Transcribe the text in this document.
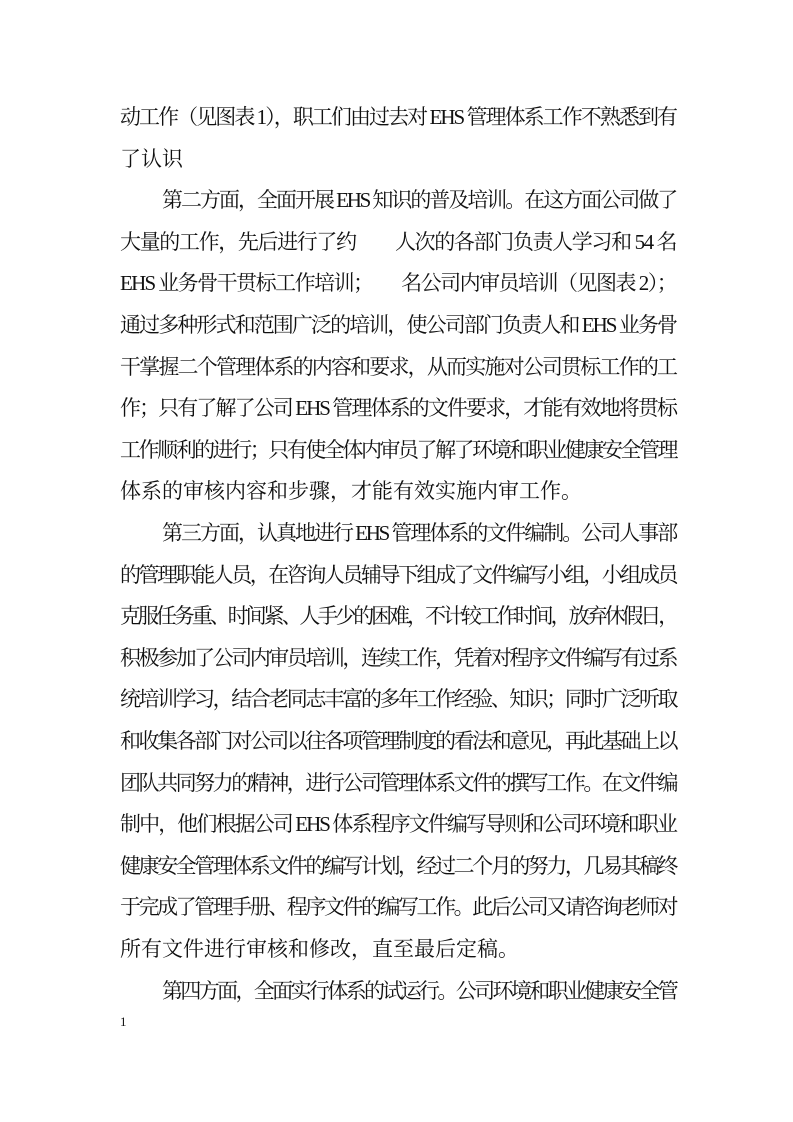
动工作（见图表 1），职工们由过去对 EHS 管理体系工作不熟悉到有
了认识
第二方面，全面开展 EHS 知识的普及培训。在这方面公司做了
大量的工作，先后进行了约　　人次的各部门负责人学习和 54 名
EHS 业务骨干贯标工作培训；　　名公司内审员培训（见图表 2）；
通过多种形式和范围广泛的培训，使公司部门负责人和 EHS 业务骨
干掌握二个管理体系的内容和要求，从而实施对公司贯标工作的工
作；只有了解了公司 EHS 管理体系的文件要求，才能有效地将贯标
工作顺利的进行；只有使全体内审员了解了环境和职业健康安全管理
体系的审核内容和步骤，才能有效实施内审工作。
第三方面，认真地进行 EHS 管理体系的文件编制。公司人事部
的管理职能人员，在咨询人员辅导下组成了文件编写小组，小组成员
克服任务重、时间紧、人手少的困难，不计较工作时间，放弃休假日，
积极参加了公司内审员培训，连续工作，凭着对程序文件编写有过系
统培训学习，结合老同志丰富的多年工作经验、知识；同时广泛听取
和收集各部门对公司以往各项管理制度的看法和意见，再此基础上以
团队共同努力的精神，进行公司管理体系文件的撰写工作。在文件编
制中，他们根据公司 EHS 体系程序文件编写导则和公司环境和职业
健康安全管理体系文件的编写计划，经过二个月的努力，几易其稿终
于完成了管理手册、程序文件的编写工作。此后公司又请咨询老师对
所有文件进行审核和修改，直至最后定稿。
第四方面，全面实行体系的试运行。公司环境和职业健康安全管
1
